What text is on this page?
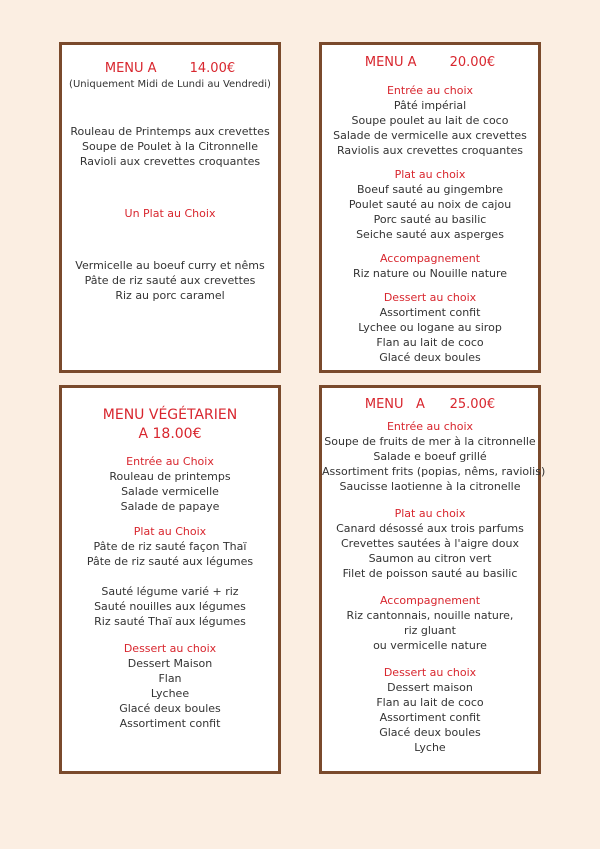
MENU A        14.00€
(Uniquement Midi de Lundi au Vendredi)
Rouleau de Printemps aux crevettes
Soupe de Poulet à la Citronnelle
Ravioli aux crevettes croquantes
Un Plat au Choix
Vermicelle au boeuf curry et nêms
Pâte de riz sauté aux crevettes
Riz au porc caramel
MENU A        20.00€
Entrée au choix
Pâté impérial
Soupe poulet au lait de coco
Salade de vermicelle aux crevettes
Raviolis aux crevettes croquantes
Plat au choix
Boeuf sauté au gingembre
Poulet sauté au noix de cajou
Porc sauté au basilic
Seiche sauté aux asperges
Accompagnement
Riz nature ou Nouille nature
Dessert au choix
Assortiment confit
Lychee ou logane au sirop
Flan au lait de coco
Glacé deux boules
MENU VÉGÉTARIEN
A 18.00€
Entrée au Choix
Rouleau de printemps
Salade vermicelle
Salade de papaye
Plat au Choix
Pâte de riz sauté façon Thaï
Pâte de riz sauté aux légumes
Sauté légume varié + riz
Sauté nouilles aux légumes
Riz sauté Thaï aux légumes
Dessert au choix
Dessert Maison
Flan
Lychee
Glacé deux boules
Assortiment confit
MENU   A      25.00€
Entrée au choix
Soupe de fruits de mer à la citronnelle
Salade e boeuf grillé
Assortiment frits (popias, nêms, raviolis)
Saucisse laotienne à la citronelle
Plat au choix
Canard désossé aux trois parfums
Crevettes sautées à l'aigre doux
Saumon au citron vert
Filet de poisson sauté au basilic
Accompagnement
Riz cantonnais, nouille nature,
riz gluant
ou vermicelle nature
Dessert au choix
Dessert maison
Flan au lait de coco
Assortiment confit
Glacé deux boules
Lyche
